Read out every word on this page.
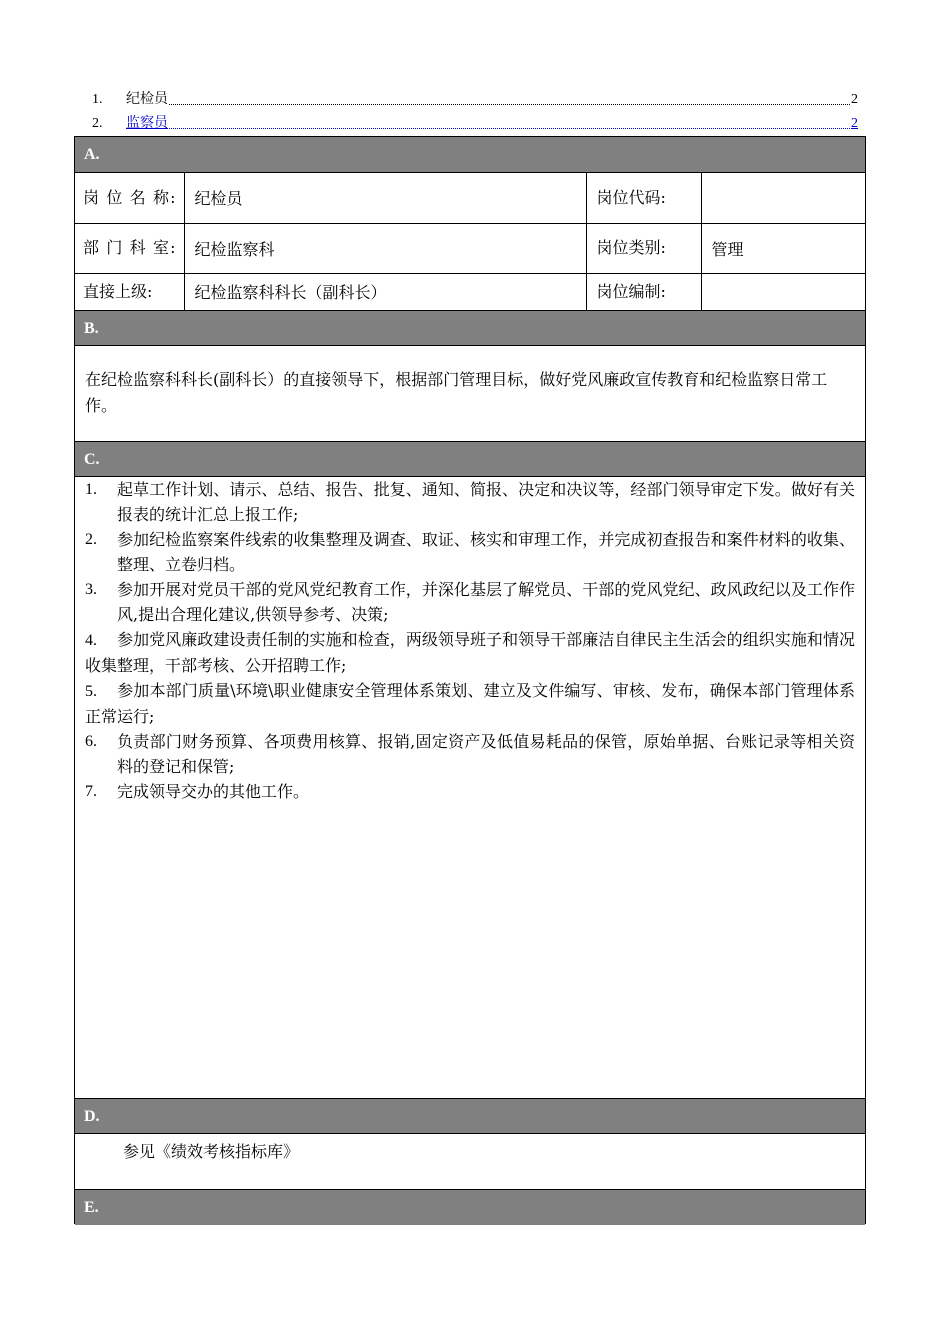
1.	纪检员	2
2.	监察员	2
A.
岗 位 名 称:	纪检员	岗位代码:	
部 门 科 室:	纪检监察科	岗位类别:	管理
直接上级:	纪检监察科科长（副科长）	岗位编制:	
B.
在纪检监察科科长(副科长）的直接领导下，根据部门管理目标，做好党风廉政宣传教育和纪检监察日常工作。
C.
1.	起草工作计划、请示、总结、报告、批复、通知、简报、决定和决议等，经部门领导审定下发。做好有关报表的统计汇总上报工作;
2.	参加纪检监察案件线索的收集整理及调查、取证、核实和审理工作，并完成初查报告和案件材料的收集、整理、立卷归档。
3.	参加开展对党员干部的党风党纪教育工作，并深化基层了解党员、干部的党风党纪、政风政纪以及工作作风,提出合理化建议,供领导参考、决策;
4. 参加党风廉政建设责任制的实施和检查，两级领导班子和领导干部廉洁自律民主生活会的组织实施和情况收集整理，干部考核、公开招聘工作;
5. 参加本部门质量\环境\职业健康安全管理体系策划、建立及文件编写、审核、发布，确保本部门管理体系正常运行;
6.	负责部门财务预算、各项费用核算、报销,固定资产及低值易耗品的保管，原始单据、台账记录等相关资料的登记和保管;
7.	完成领导交办的其他工作。
D.
参见《绩效考核指标库》
E.
